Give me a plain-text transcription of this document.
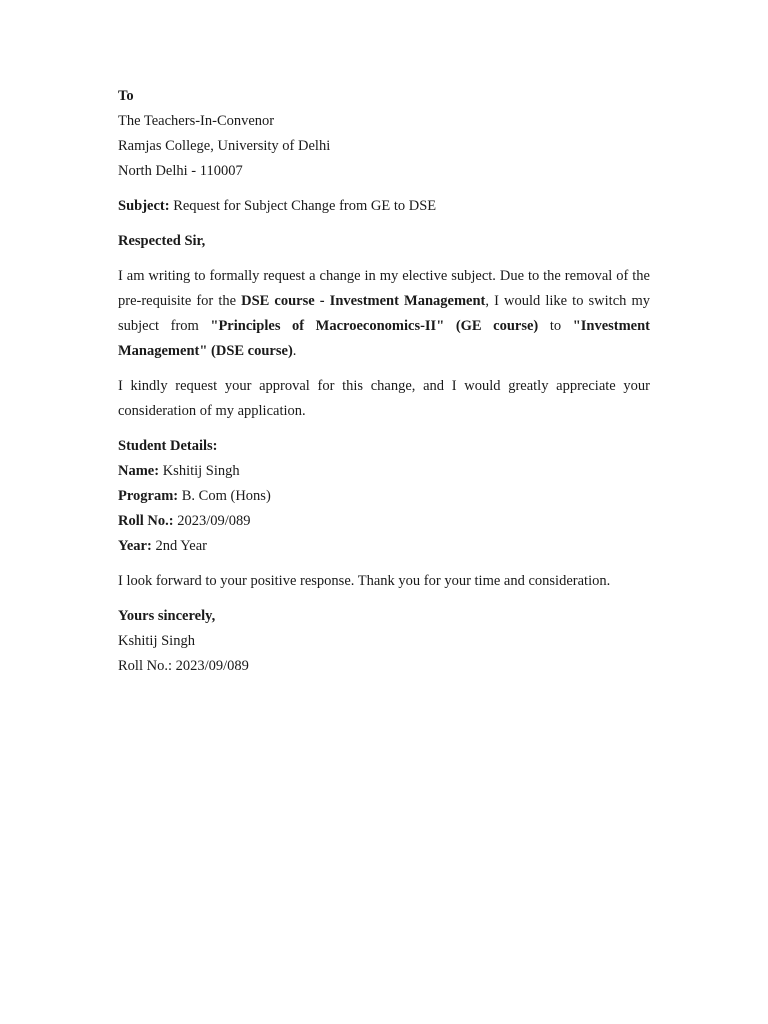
To

The Teachers-In-Convenor

Ramjas College, University of Delhi

North Delhi - 110007

Subject: Request for Subject Change from GE to DSE

Respected Sir,

I am writing to formally request a change in my elective subject. Due to the removal of the pre-requisite for the DSE course - Investment Management, I would like to switch my subject from "Principles of Macroeconomics-II" (GE course) to "Investment Management" (DSE course).

I kindly request your approval for this change, and I would greatly appreciate your consideration of my application.

Student Details:

Name: Kshitij Singh

Program: B. Com (Hons)

Roll No.: 2023/09/089

Year: 2nd Year

I look forward to your positive response. Thank you for your time and consideration.

Yours sincerely,

Kshitij Singh

Roll No.: 2023/09/089
